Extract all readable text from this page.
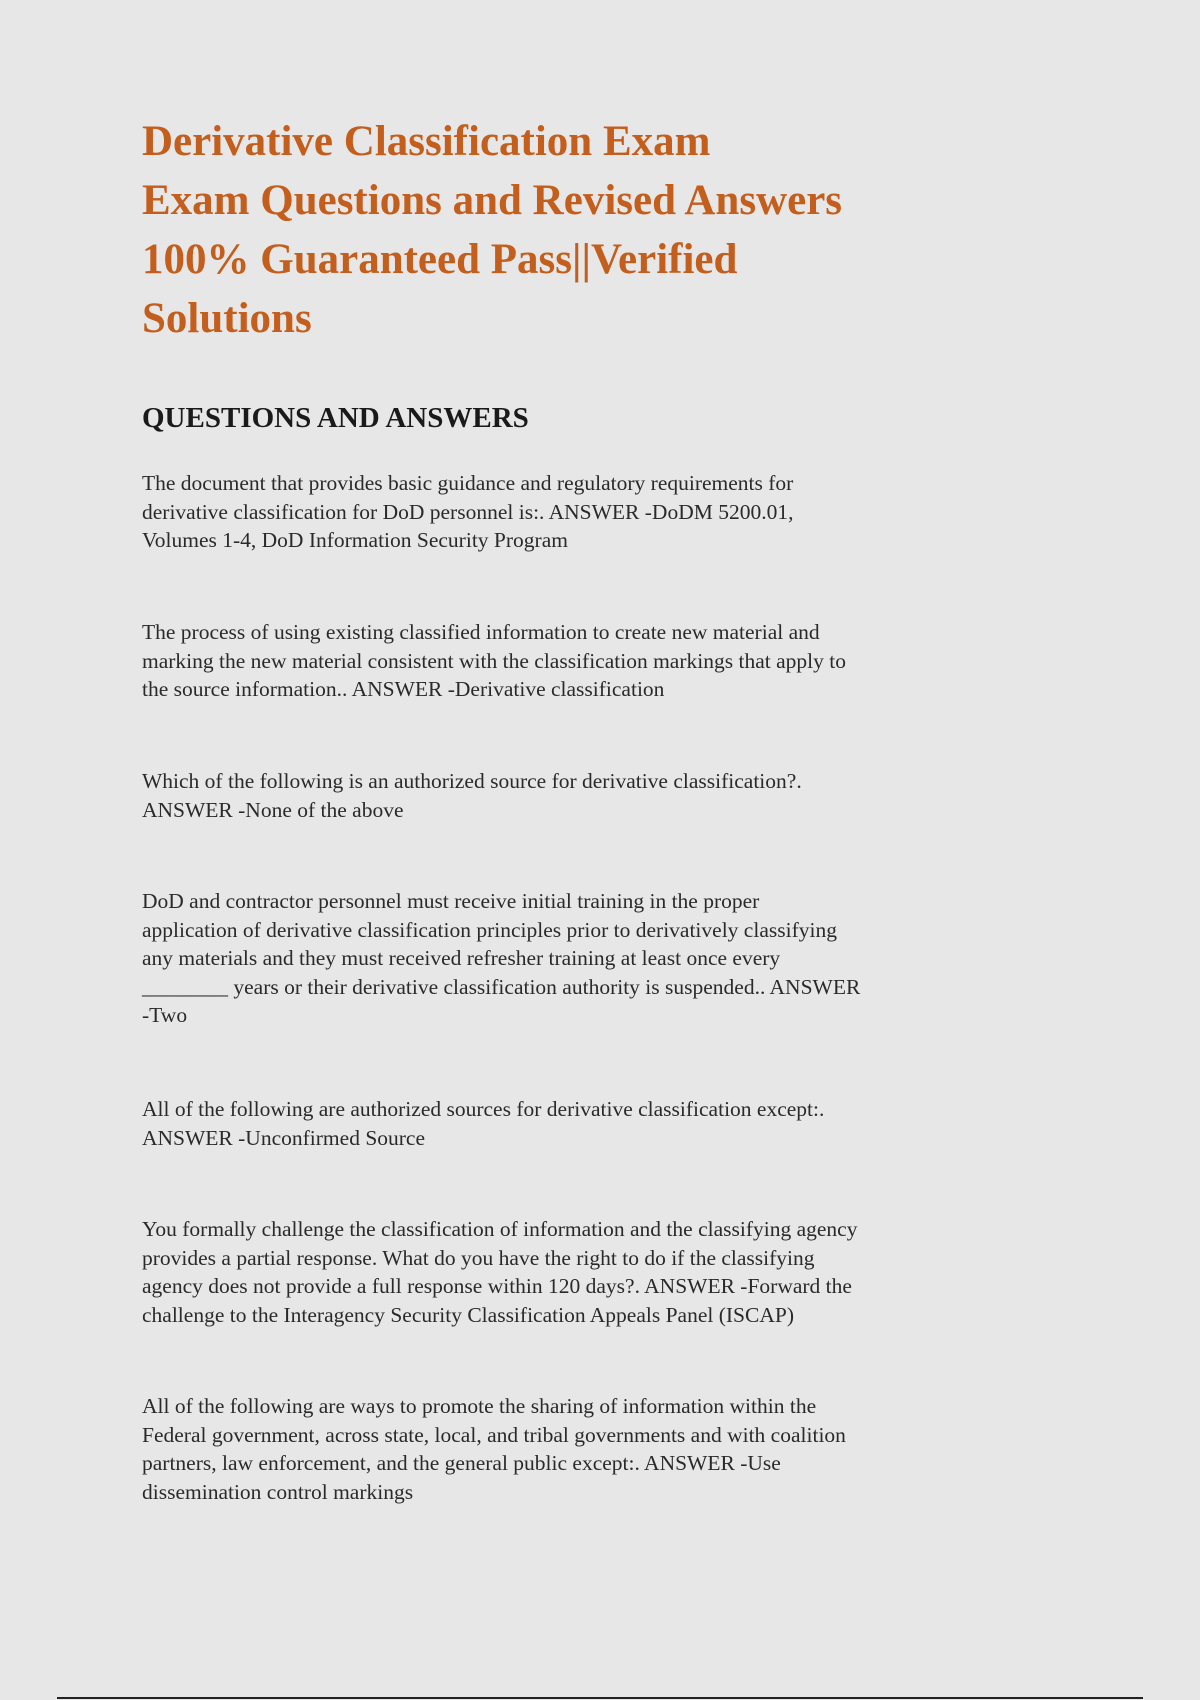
Derivative Classification Exam
Exam Questions and Revised Answers
100% Guaranteed Pass||Verified
Solutions
QUESTIONS AND ANSWERS

The document that provides basic guidance and regulatory requirements for
derivative classification for DoD personnel is:. ANSWER -DoDM 5200.01,
Volumes 1-4, DoD Information Security Program

The process of using existing classified information to create new material and
marking the new material consistent with the classification markings that apply to
the source information.. ANSWER -Derivative classification

Which of the following is an authorized source for derivative classification?.
ANSWER -None of the above

DoD and contractor personnel must receive initial training in the proper
application of derivative classification principles prior to derivatively classifying
any materials and they must received refresher training at least once every
________ years or their derivative classification authority is suspended.. ANSWER
-Two

All of the following are authorized sources for derivative classification except:.
ANSWER -Unconfirmed Source

You formally challenge the classification of information and the classifying agency
provides a partial response. What do you have the right to do if the classifying
agency does not provide a full response within 120 days?. ANSWER -Forward the
challenge to the Interagency Security Classification Appeals Panel (ISCAP)

All of the following are ways to promote the sharing of information within the
Federal government, across state, local, and tribal governments and with coalition
partners, law enforcement, and the general public except:. ANSWER -Use
dissemination control markings
